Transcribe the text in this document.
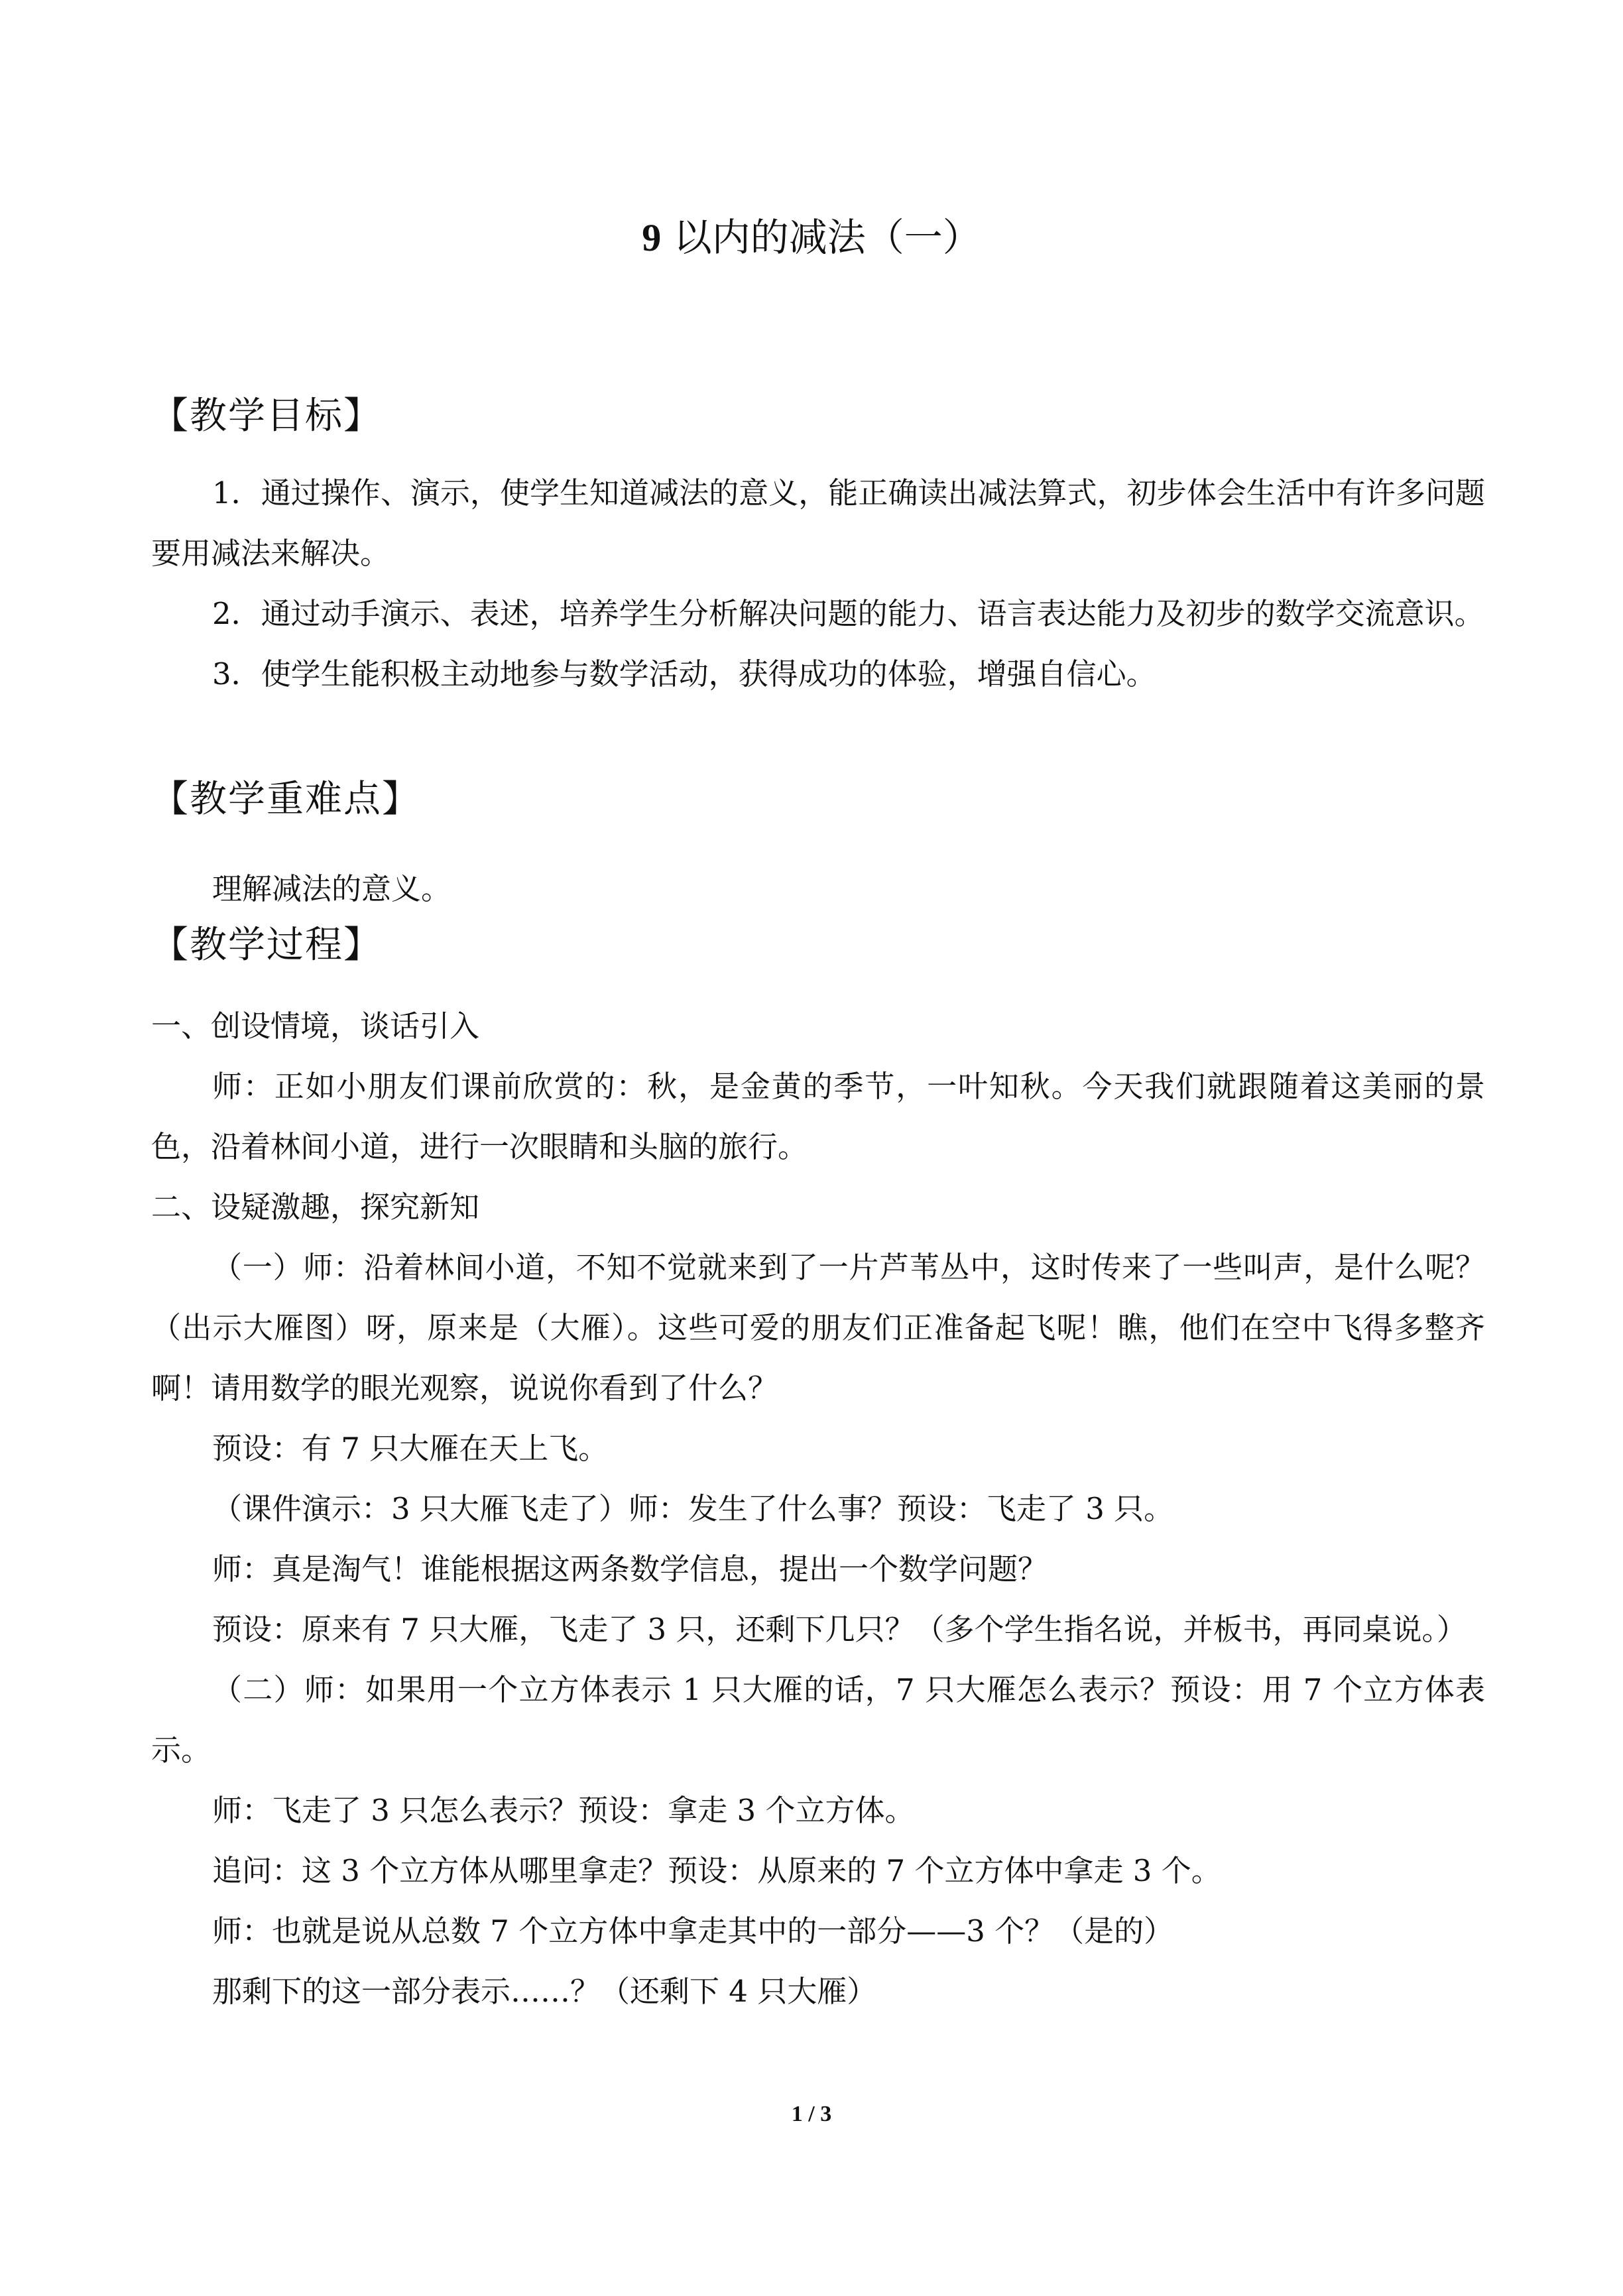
9 以内的减法（一）
【教学目标】

1．通过操作、演示，使学生知道减法的意义，能正确读出减法算式，初步体会生活中有许多问题要用减法来解决。

2．通过动手演示、表述，培养学生分析解决问题的能力、语言表达能力及初步的数学交流意识。

3．使学生能积极主动地参与数学活动，获得成功的体验，增强自信心。

【教学重难点】

理解减法的意义。

【教学过程】

一、创设情境，谈话引入

师：正如小朋友们课前欣赏的：秋，是金黄的季节，一叶知秋。今天我们就跟随着这美丽的景色，沿着林间小道，进行一次眼睛和头脑的旅行。

二、设疑激趣，探究新知

（一）师：沿着林间小道，不知不觉就来到了一片芦苇丛中，这时传来了一些叫声，是什么呢？（出示大雁图）呀，原来是（大雁）。这些可爱的朋友们正准备起飞呢！瞧，他们在空中飞得多整齐啊！请用数学的眼光观察，说说你看到了什么？

预设：有 7 只大雁在天上飞。

（课件演示：3 只大雁飞走了）师：发生了什么事？预设：飞走了 3 只。

师：真是淘气！谁能根据这两条数学信息，提出一个数学问题？

预设：原来有 7 只大雁，飞走了 3 只，还剩下几只？（多个学生指名说，并板书，再同桌说。）

（二）师：如果用一个立方体表示 1 只大雁的话，7 只大雁怎么表示？预设：用 7 个立方体表示。

师：飞走了 3 只怎么表示？预设：拿走 3 个立方体。

追问：这 3 个立方体从哪里拿走？预设：从原来的 7 个立方体中拿走 3 个。

师：也就是说从总数 7 个立方体中拿走其中的一部分——3 个？（是的）

那剩下的这一部分表示……？（还剩下 4 只大雁）

1 / 3
